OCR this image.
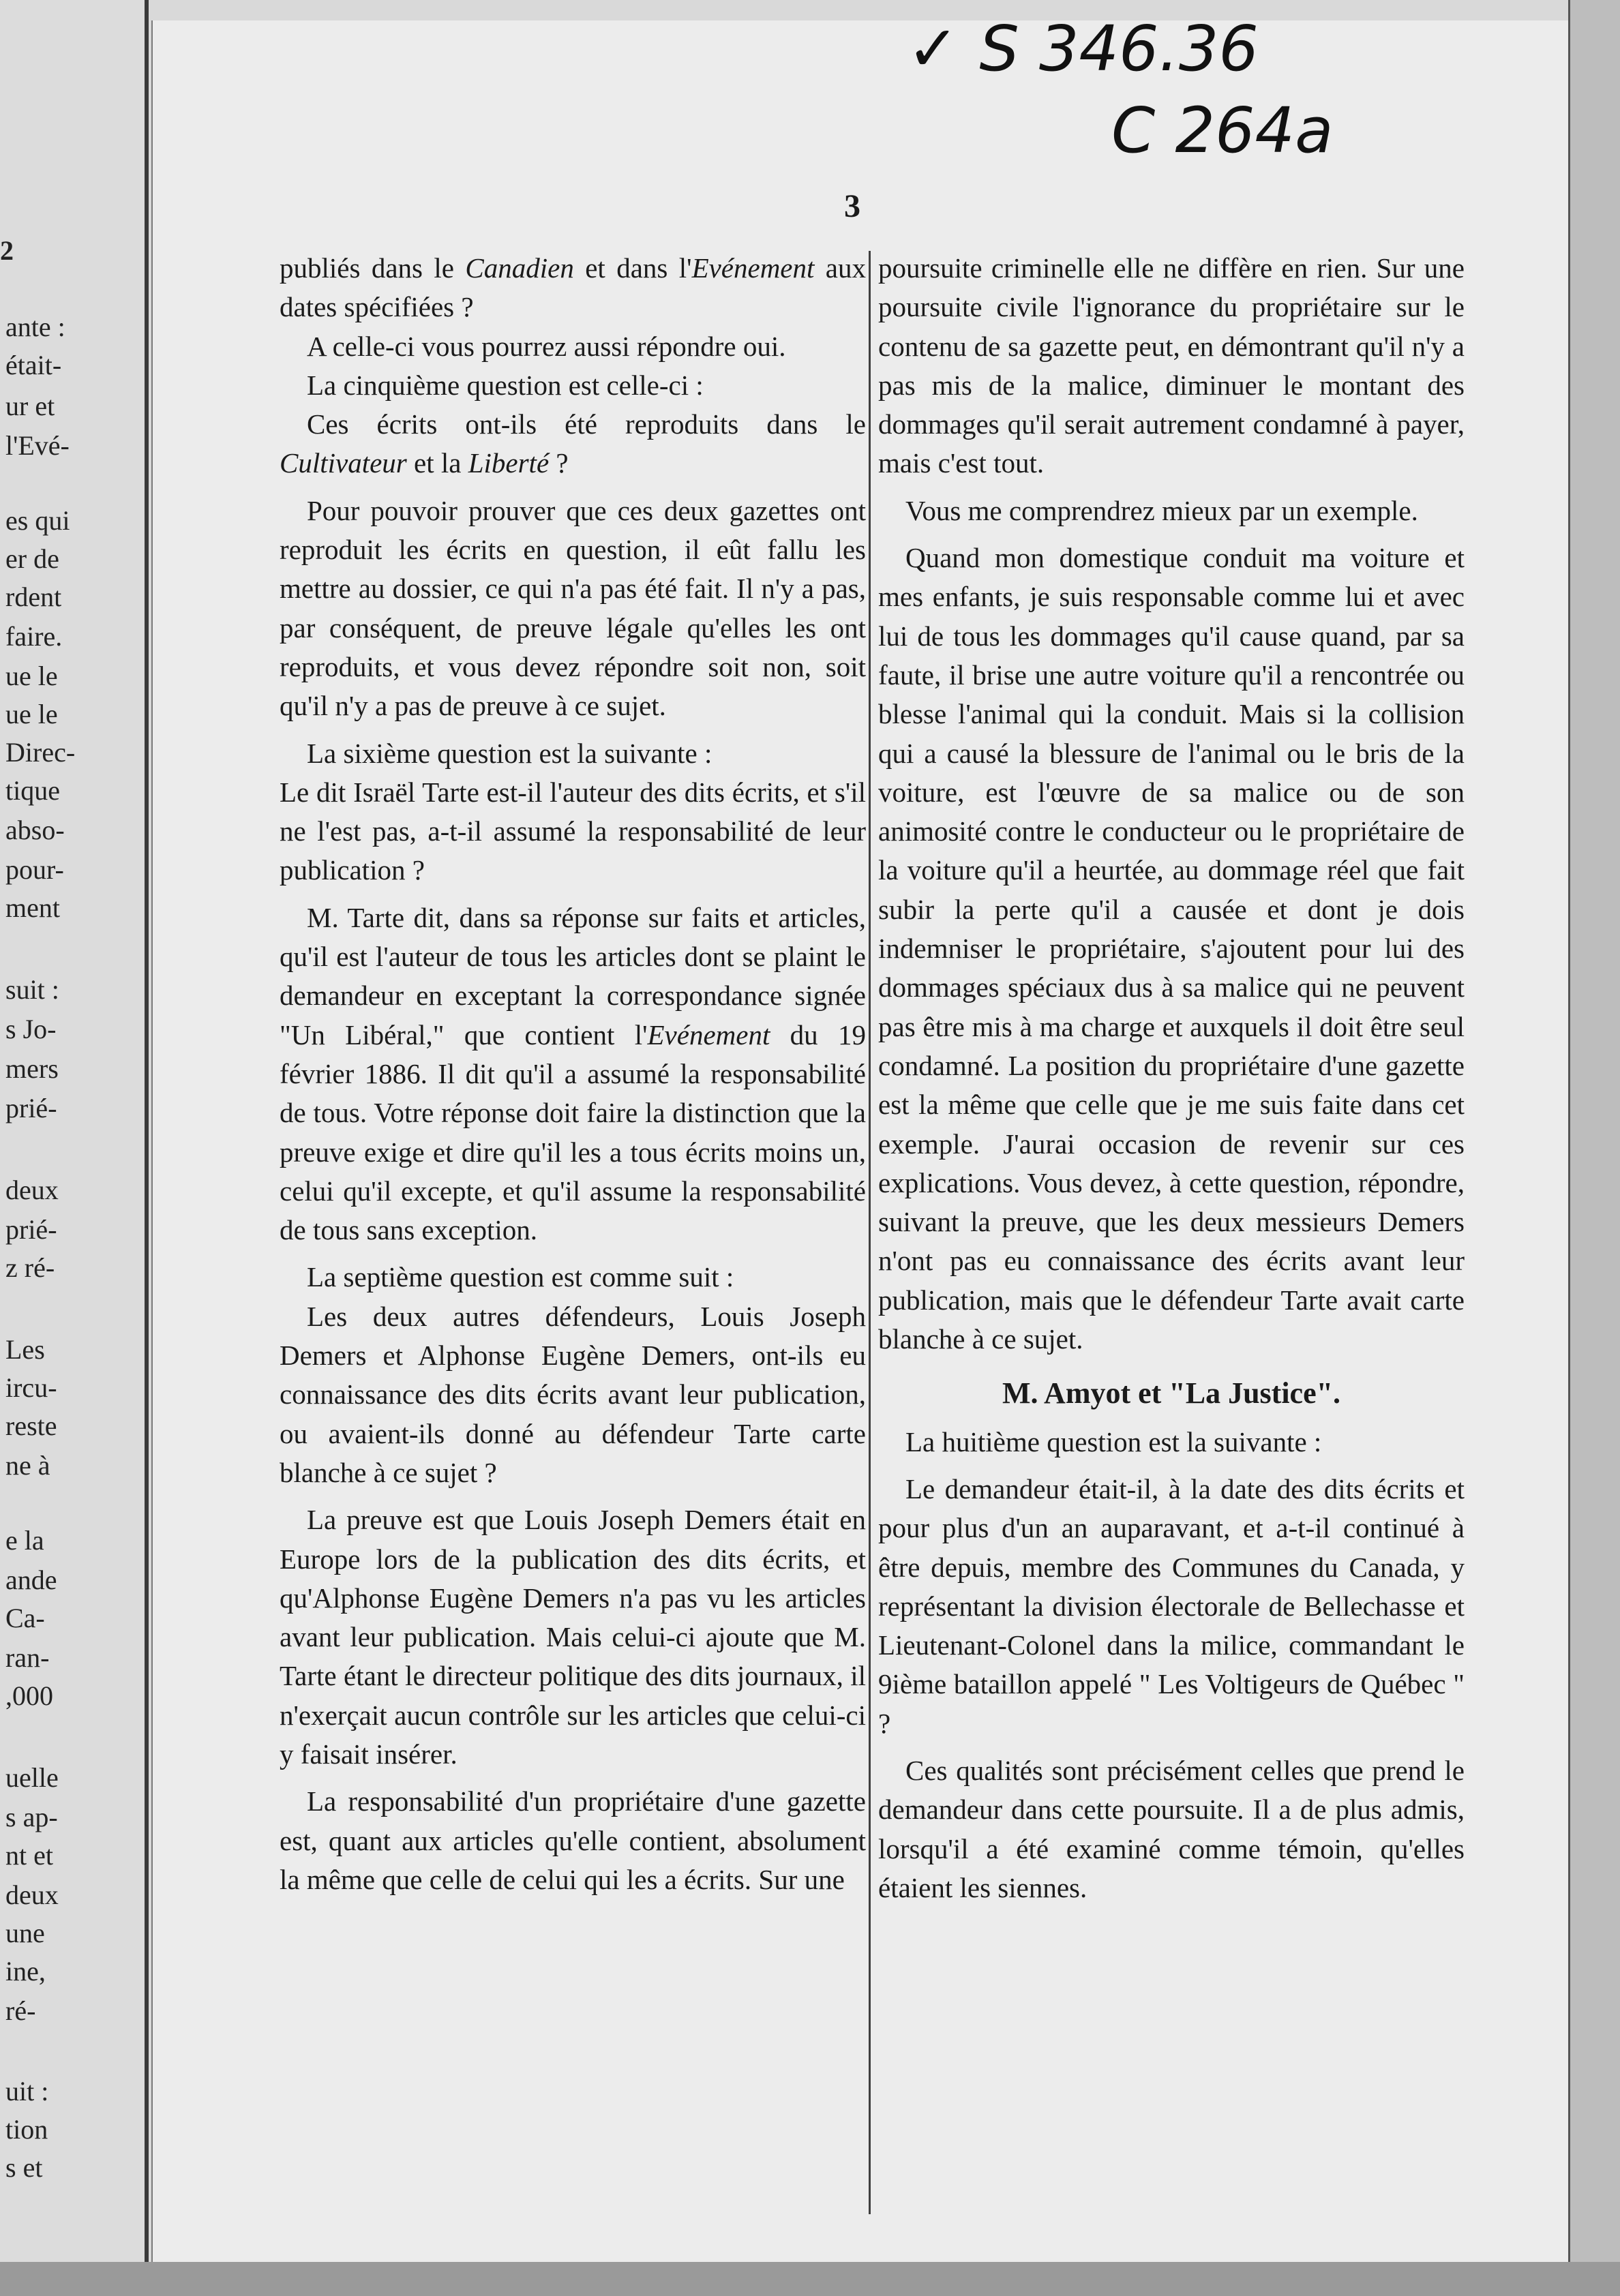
2
ante :
était-
ur et
l'Evé-
es qui
er de
rdent
faire.
ue le
ue le
Direc-
tique
abso-
pour-
ment
suit :
s Jo-
mers
prié-
deux
prié-
z ré-
Les
ircu-
reste
ne à
e la
ande
Ca-
ran-
,000
uelle
s ap-
nt et
deux
une
ine,
ré-
uit :
tion
s et

✓ S 346.36

C 264a

3

publiés dans le Canadien et dans l'Evénement aux dates spécifiées ?

A celle-ci vous pourrez aussi répondre oui.

La cinquième question est celle-ci :

Ces écrits ont-ils été reproduits dans le Cultivateur et la Liberté ?

Pour pouvoir prouver que ces deux gazettes ont reproduit les écrits en question, il eût fallu les mettre au dossier, ce qui n'a pas été fait. Il n'y a pas, par conséquent, de preuve légale qu'elles les ont reproduits, et vous devez répondre soit non, soit qu'il n'y a pas de preuve à ce sujet.

La sixième question est la suivante :

Le dit Israël Tarte est-il l'auteur des dits écrits, et s'il ne l'est pas, a-t-il assumé la responsabilité de leur publication ?

M. Tarte dit, dans sa réponse sur faits et articles, qu'il est l'auteur de tous les articles dont se plaint le demandeur en exceptant la correspondance signée "Un Libéral," que contient l'Evénement du 19 février 1886. Il dit qu'il a assumé la responsabilité de tous. Votre réponse doit faire la distinction que la preuve exige et dire qu'il les a tous écrits moins un, celui qu'il excepte, et qu'il assume la responsabilité de tous sans exception.

La septième question est comme suit :

Les deux autres défendeurs, Louis Joseph Demers et Alphonse Eugène Demers, ont-ils eu connaissance des dits écrits avant leur publication, ou avaient-ils donné au défendeur Tarte carte blanche à ce sujet ?

La preuve est que Louis Joseph Demers était en Europe lors de la publication des dits écrits, et qu'Alphonse Eugène Demers n'a pas vu les articles avant leur publication. Mais celui-ci ajoute que M. Tarte étant le directeur politique des dits journaux, il n'exerçait aucun contrôle sur les articles que celui-ci y faisait insérer.

La responsabilité d'un propriétaire d'une gazette est, quant aux articles qu'elle contient, absolument la même que celle de celui qui les a écrits. Sur une

poursuite criminelle elle ne diffère en rien. Sur une poursuite civile l'ignorance du propriétaire sur le contenu de sa gazette peut, en démontrant qu'il n'y a pas mis de la malice, diminuer le montant des dommages qu'il serait autrement condamné à payer, mais c'est tout.

Vous me comprendrez mieux par un exemple.

Quand mon domestique conduit ma voiture et mes enfants, je suis responsable comme lui et avec lui de tous les dommages qu'il cause quand, par sa faute, il brise une autre voiture qu'il a rencontrée ou blesse l'animal qui la conduit. Mais si la collision qui a causé la blessure de l'animal ou le bris de la voiture, est l'œuvre de sa malice ou de son animosité contre le conducteur ou le propriétaire de la voiture qu'il a heurtée, au dommage réel que fait subir la perte qu'il a causée et dont je dois indemniser le propriétaire, s'ajoutent pour lui des dommages spéciaux dus à sa malice qui ne peuvent pas être mis à ma charge et auxquels il doit être seul condamné. La position du propriétaire d'une gazette est la même que celle que je me suis faite dans cet exemple. J'aurai occasion de revenir sur ces explications. Vous devez, à cette question, répondre, suivant la preuve, que les deux messieurs Demers n'ont pas eu connaissance des écrits avant leur publication, mais que le défendeur Tarte avait carte blanche à ce sujet.

M. Amyot et "La Justice".

La huitième question est la suivante :

Le demandeur était-il, à la date des dits écrits et pour plus d'un an auparavant, et a-t-il continué à être depuis, membre des Communes du Canada, y représentant la division électorale de Bellechasse et Lieutenant-Colonel dans la milice, commandant le 9ième bataillon appelé " Les Voltigeurs de Québec " ?

Ces qualités sont précisément celles que prend le demandeur dans cette poursuite. Il a de plus admis, lorsqu'il a été examiné comme témoin, qu'elles étaient les siennes.
